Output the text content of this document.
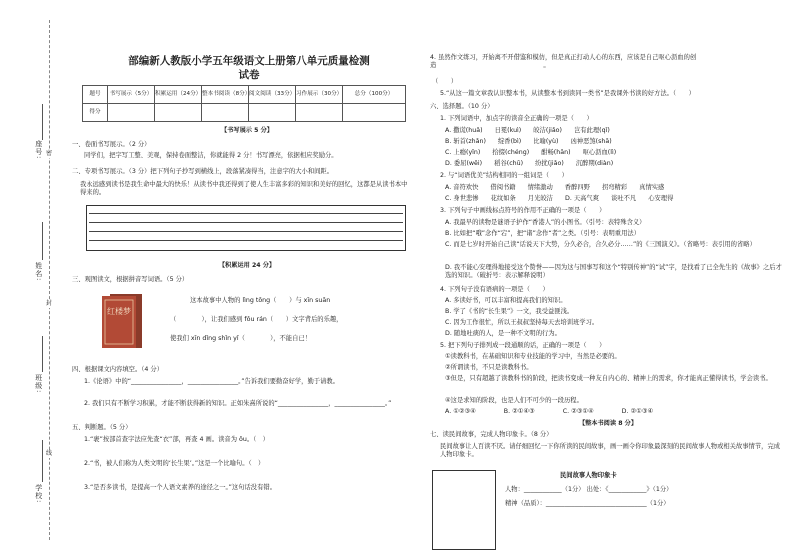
座号:
姓名:
班级:
学校:
密
封
线
部编新人教版小学五年级语文上册第八单元质量检测
试卷
题号	书写展示（5分）	积累运用（24分）	整本书阅读（8分）	阅文阅读（33分）	习作展示（30分）	总分（100分）
得分						
【书写展示 5 分】
一、卷面书写展示。（2 分）
同学们，把字写工整、美观，保持卷面整洁，你就能得 2 分！书写漂亮，依据相应奖励分。
二、专项书写展示。（3 分）把下列句子抄写到横线上，段落紧凑得当，注意字的大小和间距。
我永远感到读书是我生命中最大的快乐！从读书中我还得到了使人生丰富多彩的知识和美好的回忆，这都是从读书本中得来的。
【积累运用 24 分】
三、观图读文，根据拼音写词语。（5 分）
红楼梦
这本故事中人物的 lìng tōng（　　）与 xīn suān
（　　　　），让我们感到 fǒu rán（　　）文字背后的乐趣，
使我们 xīn dǐng shǐn yǐ（　　　　），不能自已！
四、根据课文内容填空。（4 分）
1.《论语》中的“________________，________________。”告诉我们要勤奋好学，勤于请教。
2. 我们只有不断学习积累，才能不断获得新的知识。正如朱熹所说的“________________，________________。”
五、判断题。（5 分）
1.“裹”按部首查字法应先查“衣”部，再查 4 画。读音为 ōu。（　）
2.“书，被人们称为人类文明的‘长生果’。”这是一个比喻句。（　）
3.“是否多读书，是提高一个人语文素养的途径之一。”这句话没有错。
4. 虽然作文练习，开始离不开借鉴和模仿，但是真正打动人心的东西，应该是自己呕心沥血的创　　　　　　　　　　　　　　　造　　　　　　　　　　　　　　　　　。
（　　）
5.“从这一篇文章我认识整本书，从读整本书到读同一类书”是我课外书读的好方法。（　　）
六、选择题。（10 分）
1. 下列词语中，加点字的读音全正确的一项是（　　）
A. 撒谎(huǎ) 日冕(kuì) 皎洁(jiǎo) 岂有此理(qǐ)
B. 斩首(zhǎn) 绽香(bì) 比喻(yù) 凶神恶煞(shā)
C. 上瘾(yǐn) 拾掇(chéng) 酣畅(hān) 呕心沥血(lì)
D. 委屈(wēi) 稻谷(chū) 纷扰(jiǎo) 沉醉期(diàn)
2. 与“词语优美”结构相同的一组词是（　　）
A. 音符欢快 借阅书籍 情绪激动 香醉四野 拐弯精彩 真情实感
C. 身世悲惨 花纹如条 月光皎洁 D. 天高气爽 谈吐不凡 心安理得
3. 下列句子中画线标点符号的作用不正确的一项是（　　）
A. 我最早的读物是谜语子护作“香港人”的小图书。（引号：表特殊含义）
B. 比如把“哦”念作“宕”，把“诸”念作“者”之类。（引号：表明重用法）
C. 而是七岁时开始自己读“话说天下大势，分久必合，合久必分……”的《三国演义》。（省略号：表引用的省略）
D. 我不能心安理得地接受这个赞誉——因为这与国事写和这个“特别传神”的“试”字，是找看了已全先生的《故事》之后才选的知识。（破折号：表示解释说明）
4. 下列句子没有语病的一项是（　　）
A. 多读好书，可以丰富和提高我们的知识。
B. 学了《书的“长生果”》一文，我受益匪浅。
C. 因为工作很忙，所以王叔叔坚持每天去培训班学习。
D. 随地吐痰的人，是一种不文明的行为。
5. 把下列句子排列成一段通顺的话，正确的一项是（　　）
①读教科书，在基础知识和专业技能的学习中，当然是必要的。
②所谓读书，不只是读教科书。
③但是，只有超越了读教科书的阶段，把读书变成一种友自内心的、精神上的需求，你才能真正懂得读书，学会读书。
④这是求知的阶段，也是人们不可少的一段历程。
A. ①②③④	B. ②①④③	C. ②③①④	D. ②①③④
【整本书阅读 8 分】
七、读民间故事，完成人物印象卡。（8 分）
民间故事让人百读不厌。请仔细回忆一下你所读的民间故事，画一画令你印象最深刻的民间故事人物或相关故事情节，完成人物印象卡。
民间故事人物印象卡
人物：____________（1分） 出处：《____________》（1分）
精神（品质）：________________________________（1分）
